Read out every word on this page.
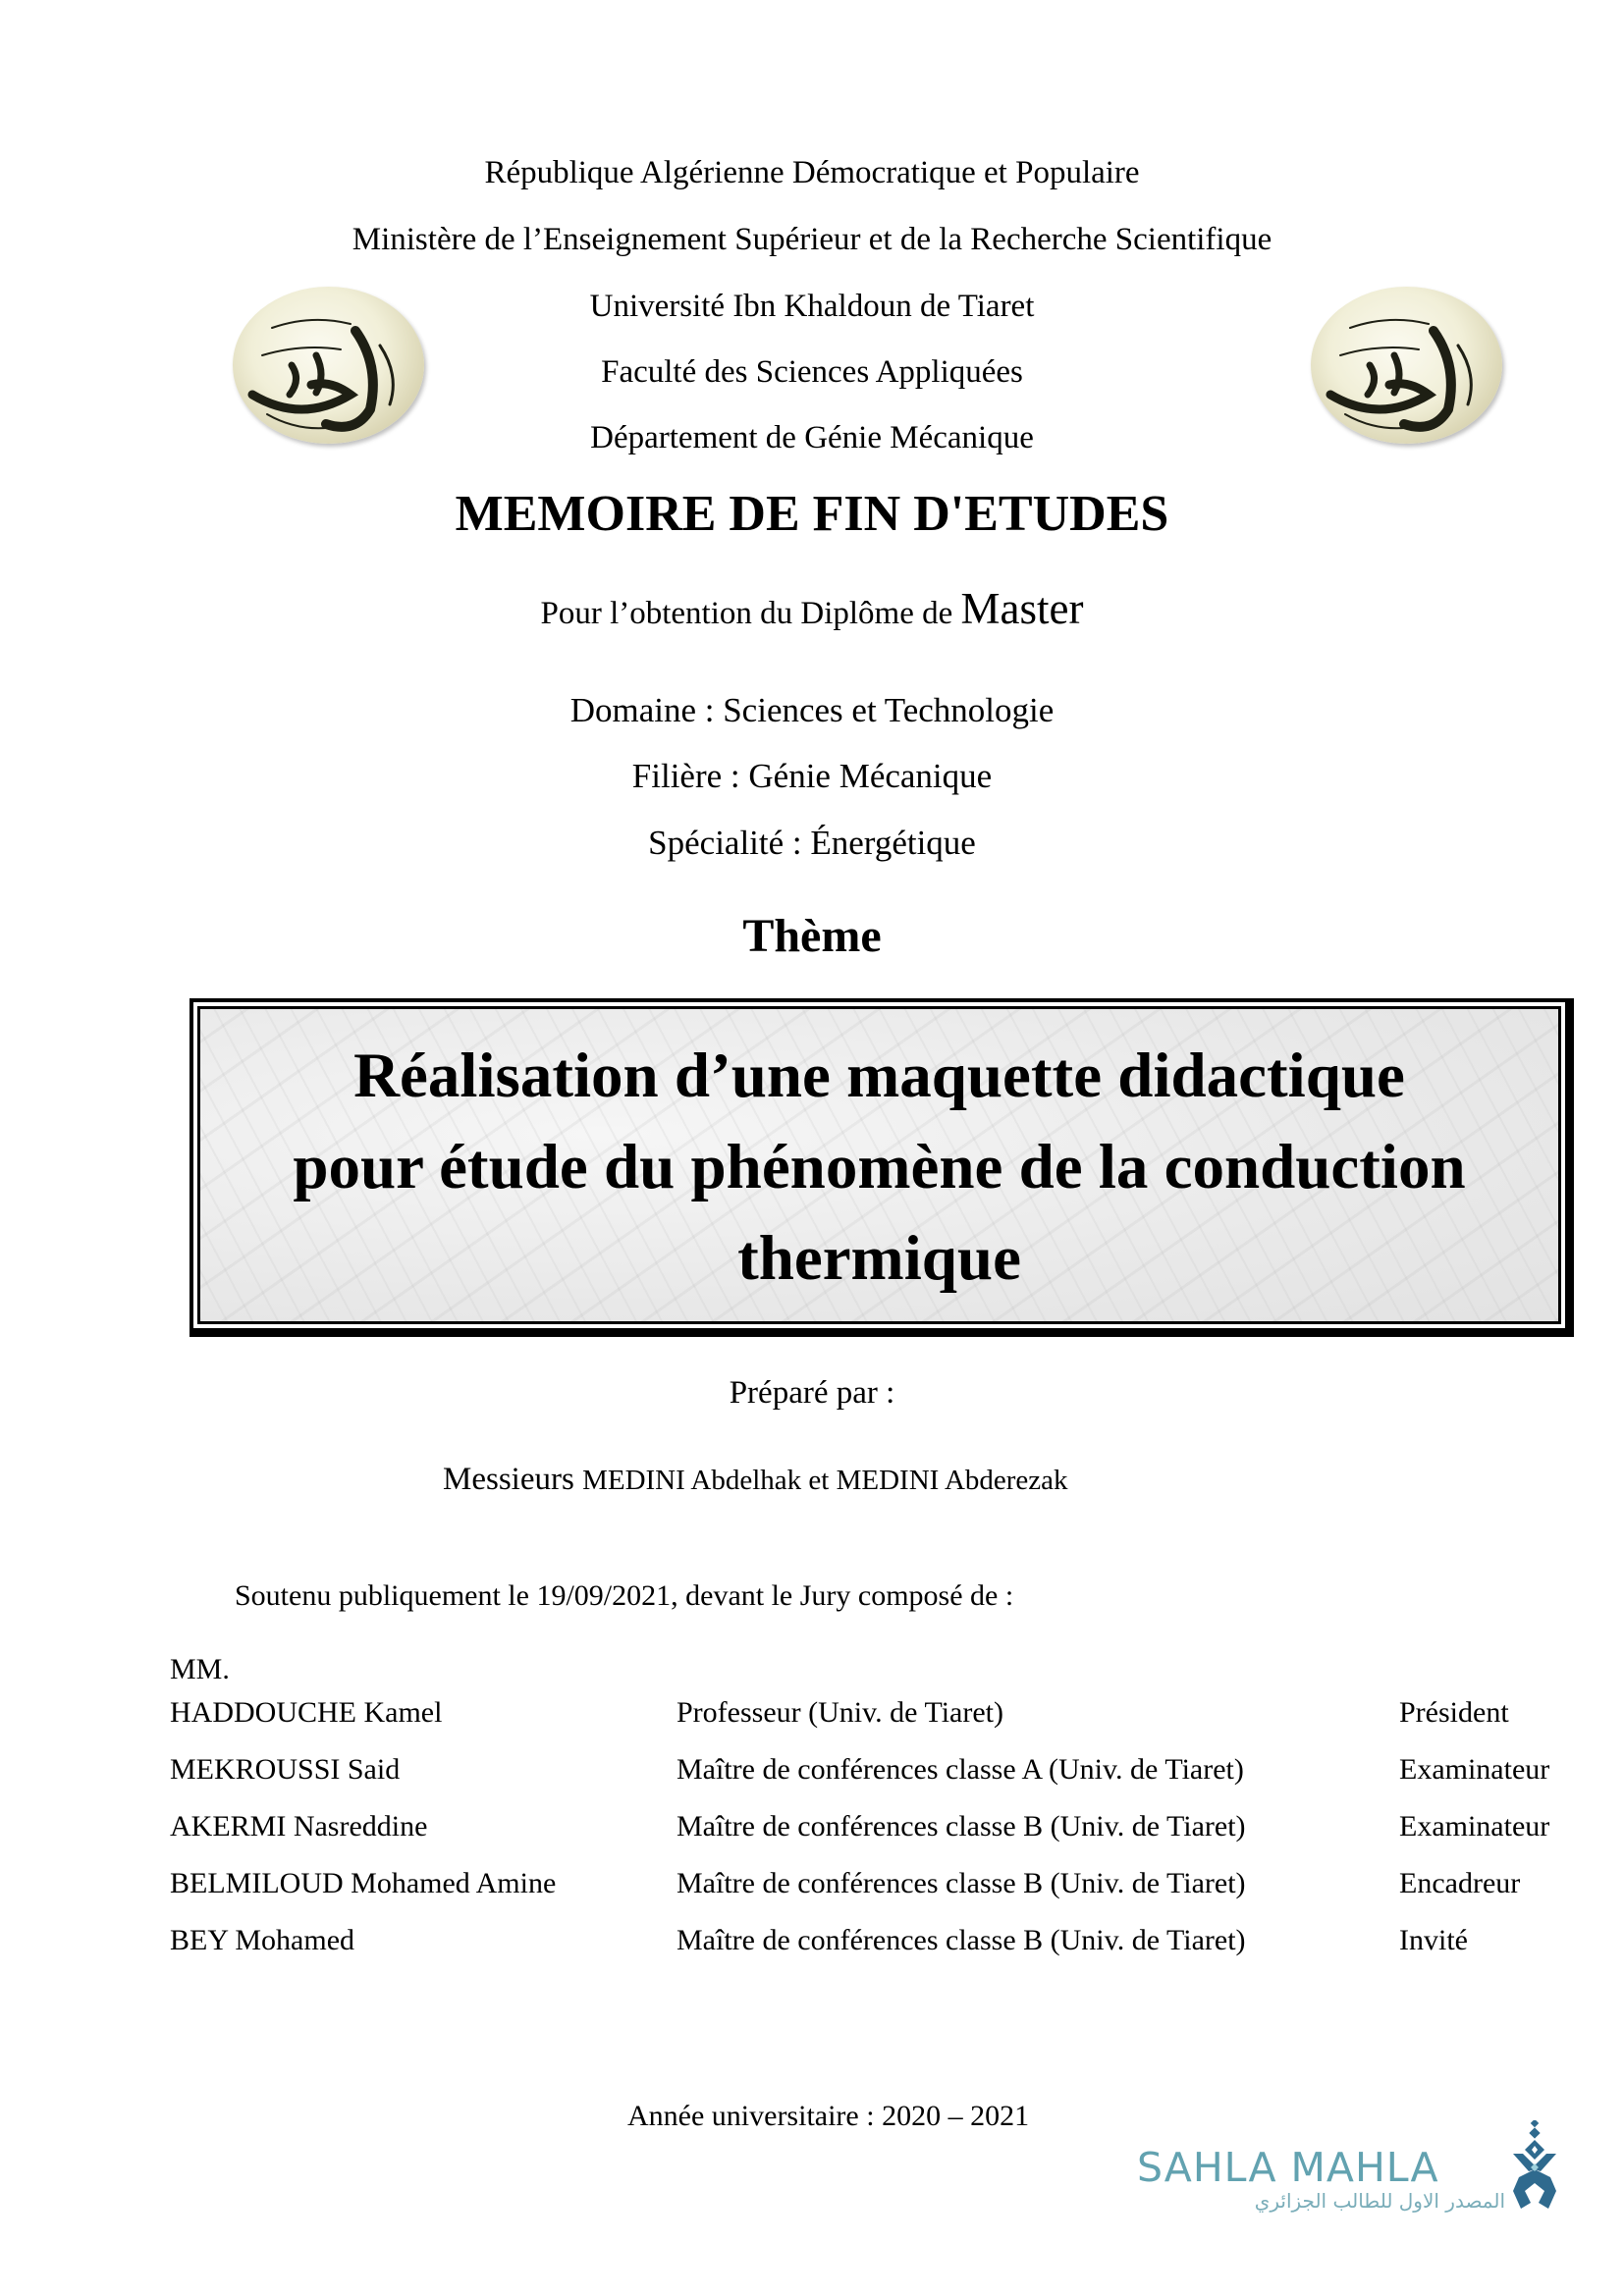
République Algérienne Démocratique et Populaire
Ministère de l’Enseignement Supérieur et de la Recherche Scientifique
Université Ibn Khaldoun de Tiaret
Faculté des Sciences Appliquées
Département de Génie Mécanique
MEMOIRE DE FIN D'ETUDES
Pour l’obtention du Diplôme de Master
Domaine : Sciences et Technologie
Filière : Génie Mécanique
Spécialité : Énergétique
Thème
Réalisation d’une maquette didactique
pour étude du phénomène de la conduction
thermique
Préparé par :
Messieurs MEDINI Abdelhak et MEDINI Abderezak
Soutenu publiquement le 19/09/2021, devant le Jury composé de :
MM.
HADDOUCHE Kamel	Professeur (Univ. de Tiaret)	Président
MEKROUSSI Said	Maître de conférences classe A (Univ. de Tiaret)	Examinateur
AKERMI Nasreddine	Maître de conférences classe B (Univ. de Tiaret)	Examinateur
BELMILOUD Mohamed Amine	Maître de conférences classe B (Univ. de Tiaret)	Encadreur
BEY Mohamed	Maître de conférences classe B (Univ. de Tiaret)	Invité
Année universitaire : 2020 – 2021
SAHLA MAHLA
المصدر الاول للطالب الجزائري
